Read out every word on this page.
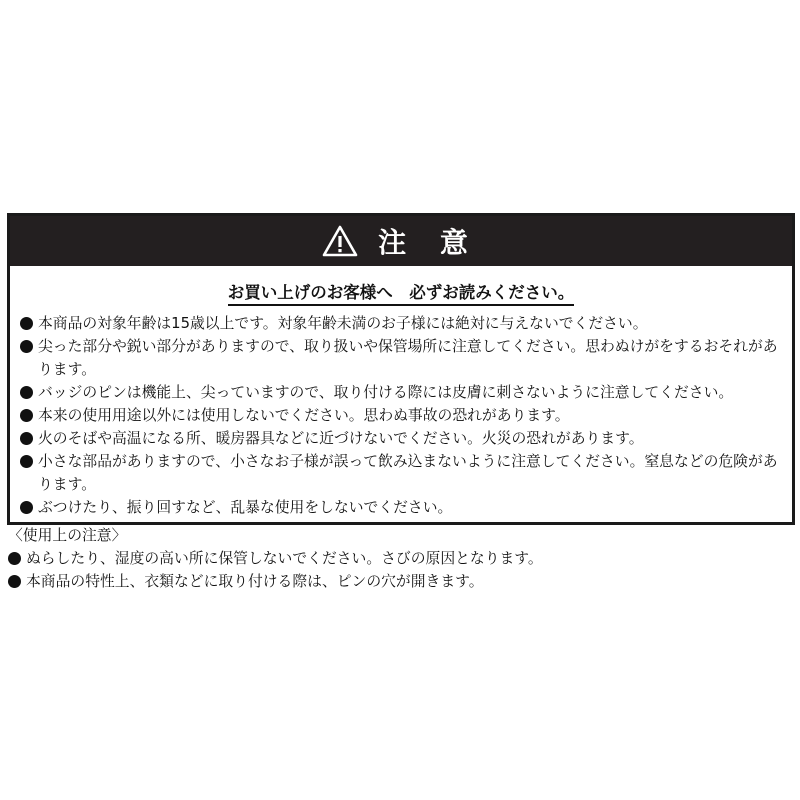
注 意
お買い上げのお客様へ　必ずお読みください。
本商品の対象年齢は15歳以上です。対象年齢未満のお子様には絶対に与えないでください。
尖った部分や鋭い部分がありますので、取り扱いや保管場所に注意してください。思わぬけがをするおそれがあります。
バッジのピンは機能上、尖っていますので、取り付ける際には皮膚に刺さないように注意してください。
本来の使用用途以外には使用しないでください。思わぬ事故の恐れがあります。
火のそばや高温になる所、暖房器具などに近づけないでください。火災の恐れがあります。
小さな部品がありますので、小さなお子様が誤って飲み込まないように注意してください。窒息などの危険があります。
ぶつけたり、振り回すなど、乱暴な使用をしないでください。
〈使用上の注意〉
ぬらしたり、湿度の高い所に保管しないでください。さびの原因となります。
本商品の特性上、衣類などに取り付ける際は、ピンの穴が開きます。
